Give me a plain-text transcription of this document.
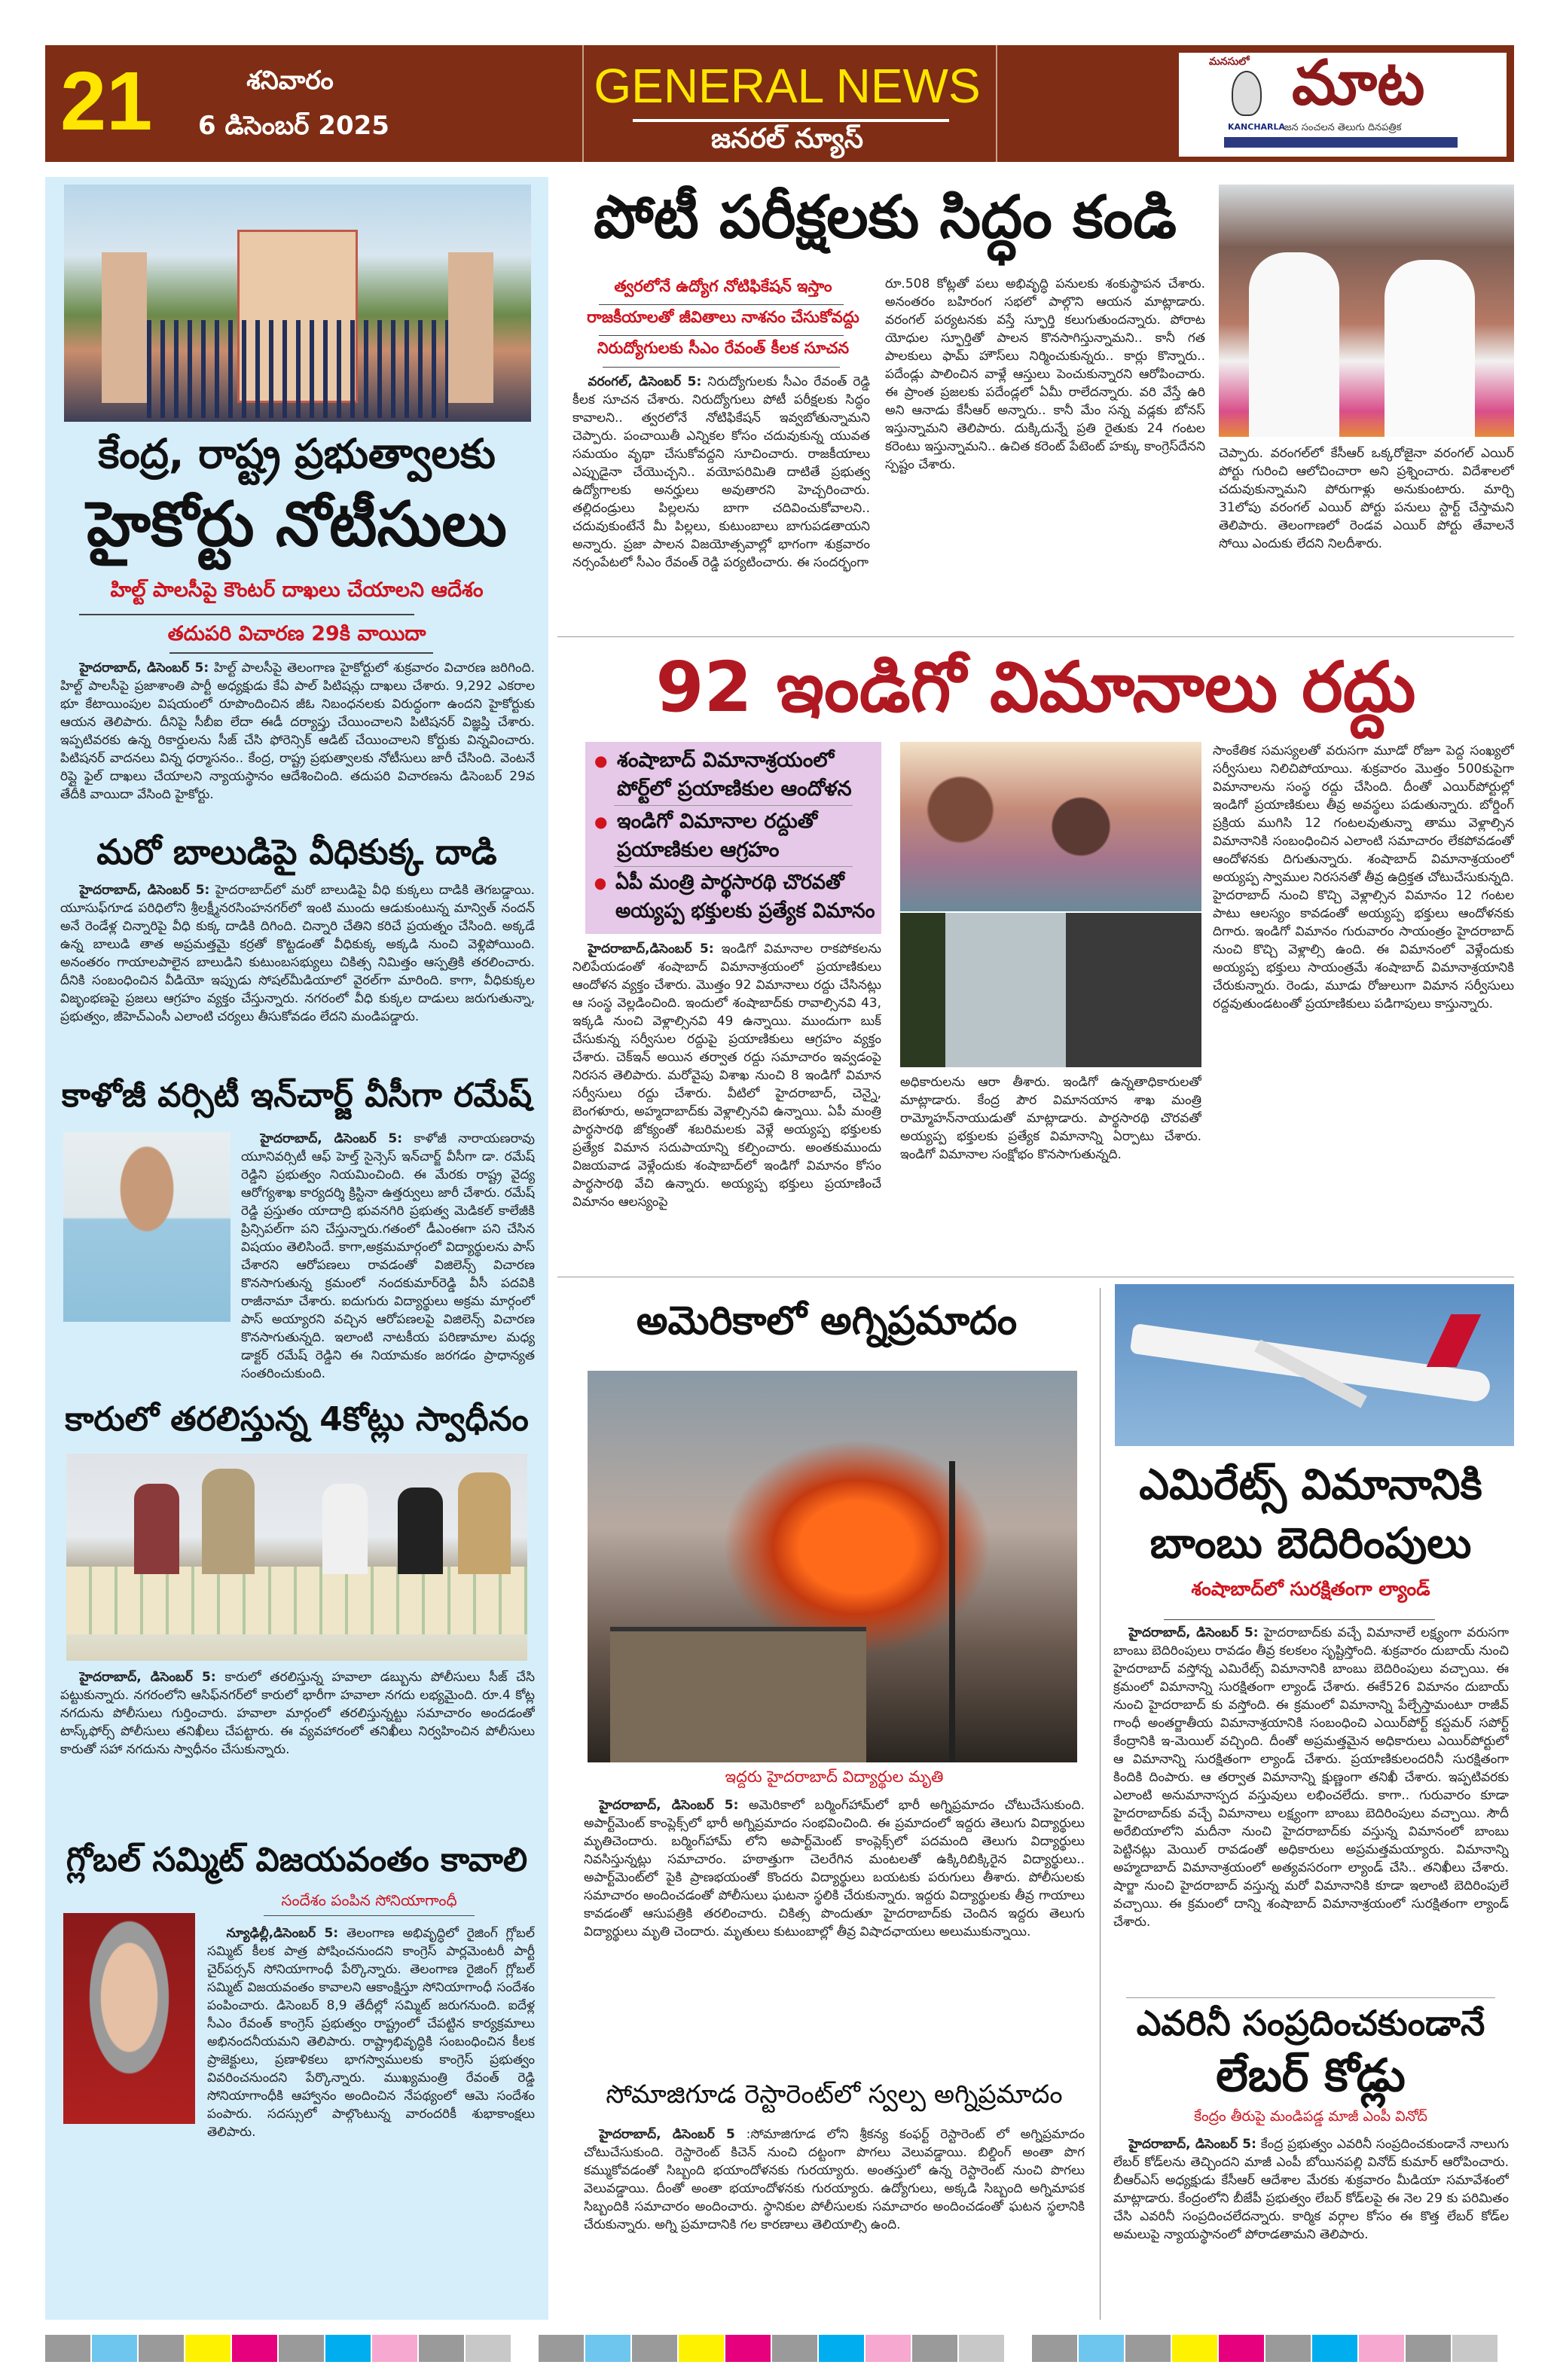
21	శనివారం
6 డిసెంబర్ 2025
GENERAL NEWS
జనరల్ న్యూస్
మనసులో మాట
KANCHARLA
జన సంచలన తెలుగు దినపత్రిక
కేంద్ర, రాష్ట్ర ప్రభుత్వాలకు
హైకోర్టు నోటీసులు
హిల్ట్ పాలసీపై కౌంటర్ దాఖలు చేయాలని ఆదేశం
తదుపరి విచారణ 29కి వాయిదా

హైదరాబాద్, డిసెంబర్ 5: హిల్ట్ పాలసీపై తెలంగాణ హైకోర్టులో శుక్రవారం విచారణ జరిగింది. హిల్ట్ పాలసీపై ప్రజాశాంతి పార్టీ అధ్యక్షుడు కేఏ పాల్ పిటిషన్లు దాఖలు చేశారు. 9,292 ఎకరాల భూ కేటాయింపుల విషయంలో రూపొందించిన జీఓ నిబంధనలకు విరుద్ధంగా ఉందని హైకోర్టుకు ఆయన తెలిపారు. దీనిపై సీబీఐ లేదా ఈడీ దర్యాప్తు చేయించాలని పిటిషనర్ విజ్ఞప్తి చేశారు. ఇప్పటివరకు ఉన్న రికార్డులను సీజ్ చేసి ఫోరెన్సిక్ ఆడిట్ చేయించాలని కోర్టుకు విన్నవించారు. పిటిషనర్ వాదనలు విన్న ధర్మాసనం.. కేంద్ర, రాష్ట్ర ప్రభుత్వాలకు నోటీసులు జారీ చేసింది. వెంటనే రిప్లై ఫైల్ దాఖలు చేయాలని న్యాయస్థానం ఆదేశించింది. తదుపరి విచారణను డిసెంబర్ 29వ తేదీకి వాయిదా వేసింది హైకోర్టు.

మరో బాలుడిపై వీధికుక్క దాడి

హైదరాబాద్, డిసెంబర్ 5: హైదరాబాద్‌లో మరో బాలుడిపై వీధి కుక్కలు దాడికి తెగబడ్డాయి. యూసుఫ్‌గూడ పరిధిలోని శ్రీలక్ష్మీనరసింహనగర్‌లో ఇంటి ముందు ఆడుకుంటున్న మాన్విత్ నందన్ అనే రెండేళ్ల చిన్నారిపై వీధి కుక్క దాడికి దిగింది. చిన్నారి చేతిని కరిచే ప్రయత్నం చేసింది. అక్కడే ఉన్న బాలుడి తాత అప్రమత్తమై కర్రతో కొట్టడంతో వీధికుక్క అక్కడి నుంచి వెళ్లిపోయింది. అనంతరం గాయాలపాలైన బాలుడిని కుటుంబసభ్యులు చికిత్స నిమిత్తం ఆస్పత్రికి తరలించారు. దీనికి సంబంధించిన వీడియో ఇప్పుడు సోషల్‌మీడియాలో వైరల్‌గా మారింది. కాగా, వీధికుక్కల విజృంభణపై ప్రజలు ఆగ్రహం వ్యక్తం చేస్తున్నారు. నగరంలో వీధి కుక్కల దాడులు జరుగుతున్నా, ప్రభుత్వం, జీహెచ్‌ఎంసీ ఎలాంటి చర్యలు తీసుకోవడం లేదని మండిపడ్డారు.

కాళోజీ వర్సిటీ ఇన్‌చార్జ్ వీసీగా రమేష్

హైదరాబాద్, డిసెంబర్ 5: కాళోజీ నారాయణరావు యూనివర్సిటీ ఆఫ్ హెల్త్ సైన్సెస్ ఇన్‌చార్జ్ వీసీగా డా. రమేష్ రెడ్డిని ప్రభుత్వం నియమించింది. ఈ మేరకు రాష్ట్ర వైద్య ఆరోగ్యశాఖ కార్యదర్శి క్రిస్టినా ఉత్తర్వులు జారీ చేశారు. రమేష్ రెడ్డి ప్రస్తుతం యాదాద్రి భువనగిరి ప్రభుత్వ మెడికల్ కాలేజీకి ప్రిన్సిపల్‌గా పని చేస్తున్నారు.గతంలో డీఎంఈగా పని చేసిన విషయం తెలిసిందే. కాగా,అక్రమమార్గంలో విద్యార్థులను పాస్ చేశారని ఆరోపణలు రావడంతో విజిలెన్స్ విచారణ కొనసాగుతున్న క్రమంలో నందకుమార్‌రెడ్డి వీసీ పదవికి రాజీనామా చేశారు. ఐదుగురు విద్యార్థులు అక్రమ మార్గంలో పాస్ అయ్యారని వచ్చిన ఆరోపణలపై విజిలెన్స్ విచారణ కొనసాగుతున్నది. ఇలాంటి నాటకీయ పరిణామాల మధ్య డాక్టర్ రమేష్ రెడ్డిని ఈ నియామకం జరగడం ప్రాధాన్యత సంతరించుకుంది.

కారులో తరలిస్తున్న 4కోట్లు స్వాధీనం

హైదరాబాద్, డిసెంబర్ 5: కారులో తరలిస్తున్న హవాలా డబ్బును పోలీసులు సీజ్ చేసి పట్టుకున్నారు. నగరంలోని ఆసిఫ్‌నగర్‌లో కారులో భారీగా హవాలా నగదు లభ్యమైంది. రూ.4 కోట్ల నగదును పోలీసులు గుర్తించారు. హవాలా మార్గంలో తరలిస్తున్నట్టు సమాచారం అందడంతో టాస్క్‌ఫోర్స్ పోలీసులు తనిఖీలు చేపట్టారు. ఈ వ్యవహారంలో తనిఖీలు నిర్వహించిన పోలీసులు కారుతో సహా నగదును స్వాధీనం చేసుకున్నారు.

గ్లోబల్ సమ్మిట్ విజయవంతం కావాలి
సందేశం పంపిన సోనియాగాంధీ

న్యూఢిల్లీ,డిసెంబర్ 5: తెలంగాణ అభివృద్ధిలో రైజింగ్ గ్లోబల్ సమ్మిట్ కీలక పాత్ర పోషించనుందని కాంగ్రెస్ పార్లమెంటరీ పార్టీ చైర్‌పర్సన్ సోనియాగాంధీ పేర్కొన్నారు. తెలంగాణ రైజింగ్ గ్లోబల్ సమ్మిట్ విజయవంతం కావాలని ఆకాంక్షిస్తూ సోనియాగాంధీ సందేశం పంపించారు. డిసెంబర్ 8,9 తేదీల్లో సమ్మిట్ జరుగనుంది. ఐదేళ్ల సీఎం రేవంత్ కాంగ్రెస్ ప్రభుత్వం రాష్ట్రంలో చేపట్టిన కార్యక్రమాలు అభినందనీయమని తెలిపారు. రాష్ట్రాభివృద్ధికి సంబంధించిన కీలక ప్రాజెక్టులు, ప్రణాళికలు భాగస్వాములకు కాంగ్రెస్ ప్రభుత్వం వివరించనుందని పేర్కొన్నారు. ముఖ్యమంత్రి రేవంత్ రెడ్డి సోనియాగాంధీకి ఆహ్వానం అందించిన నేపథ్యంలో ఆమె సందేశం పంపారు. సదస్సులో పాల్గొంటున్న వారందరికీ శుభాకాంక్షలు తెలిపారు.

పోటీ పరీక్షలకు సిద్ధం కండి
త్వరలోనే ఉద్యోగ నోటిఫికేషన్ ఇస్తాం
రాజకీయాలతో జీవితాలు నాశనం చేసుకోవద్దు
నిరుద్యోగులకు సీఎం రేవంత్ కీలక సూచన

వరంగల్, డిసెంబర్ 5: నిరుద్యోగులకు సీఎం రేవంత్ రెడ్డి కీలక సూచన చేశారు. నిరుద్యోగులు పోటీ పరీక్షలకు సిద్ధం కావాలని.. త్వరలోనే నోటిఫికేషన్ ఇవ్వబోతున్నామని చెప్పారు. పంచాయితీ ఎన్నికల కోసం చదువుకున్న యువత సమయం వృథా చేసుకోవద్దని సూచించారు. రాజకీయాలు ఎప్పుడైనా చేయొచ్చని.. వయోపరిమితి దాటితే ప్రభుత్వ ఉద్యోగాలకు అనర్హులు అవుతారని హెచ్చరించారు. తల్లిదండ్రులు పిల్లలను బాగా చదివించుకోవాలని.. చదువుకుంటేనే మీ పిల్లలు, కుటుంబాలు బాగుపడతాయని అన్నారు. ప్రజా పాలన విజయోత్సవాల్లో భాగంగా శుక్రవారం నర్సంపేటలో సీఎం రేవంత్ రెడ్డి పర్యటించారు. ఈ సందర్భంగా

రూ.508 కోట్లతో పలు అభివృద్ధి పనులకు శంకుస్థాపన చేశారు. అనంతరం బహిరంగ సభలో పాల్గొని ఆయన మాట్లాడారు. వరంగల్ పర్యటనకు వస్తే స్ఫూర్తి కలుగుతుందన్నారు. పోరాట యోధుల స్ఫూర్తితో పాలన కొనసాగిస్తున్నామని.. కానీ గత పాలకులు ఫామ్ హౌస్‌లు నిర్మించుకున్నరు.. కార్లు కొన్నారు.. పదేండ్లు పాలించిన వాళ్లే ఆస్తులు పెంచుకున్నారని ఆరోపించారు. ఈ ప్రాంత ప్రజలకు పదేండ్లలో ఏమీ రాలేదన్నారు. వరి వేస్తే ఉరి అని ఆనాడు కేసీఆర్ అన్నారు.. కానీ మేం సన్న వడ్లకు బోనస్ ఇస్తున్నామని తెలిపారు. దుక్కిదున్నే ప్రతి రైతుకు 24 గంటల కరెంటు ఇస్తున్నామని.. ఉచిత కరెంట్ పేటెంట్ హక్కు కాంగ్రెస్‌దేనని స్పష్టం చేశారు.

చెప్పారు. వరంగల్‌లో కేసీఆర్ ఒక్కరోజైనా వరంగల్ ఎయిర్ పోర్టు గురించి ఆలోచించారా అని ప్రశ్నించారు. విదేశాలలో చదువుకున్నామని పోరుగాళ్లు అనుకుంటారు. మార్చి 31లోపు వరంగల్ ఎయిర్ పోర్టు పనులు స్టార్ట్ చేస్తామని తెలిపారు. తెలంగాణలో రెండవ ఎయిర్ పోర్టు తేవాలనే సోయి ఎందుకు లేదని నిలదీశారు.

92 ఇండిగో విమానాలు రద్దు
● శంషాబాద్ విమానాశ్రయంలో
పోర్ట్‌లో ప్రయాణికుల ఆందోళన
● ఇండిగో విమానాల రద్దుతో
ప్రయాణికుల ఆగ్రహం
● ఏపీ మంత్రి పార్థసారథి చొరవతో
అయ్యప్ప భక్తులకు ప్రత్యేక విమానం

హైదరాబాద్,డిసెంబర్ 5: ఇండిగో విమానాల రాకపోకలను నిలిపేయడంతో శంషాబాద్ విమానాశ్రయంలో ప్రయాణికులు ఆందోళన వ్యక్తం చేశారు. మొత్తం 92 విమానాలు రద్దు చేసినట్లు ఆ సంస్థ వెల్లడించింది. ఇందులో శంషాబాద్‌కు రావాల్సినవి 43, ఇక్కడి నుంచి వెళ్లాల్సినవి 49 ఉన్నాయి. ముందుగా బుక్ చేసుకున్న సర్వీసుల రద్దుపై ప్రయాణికులు ఆగ్రహం వ్యక్తం చేశారు. చెక్‌ఇన్ అయిన తర్వాత రద్దు సమాచారం ఇవ్వడంపై నిరసన తెలిపారు. మరోవైపు విశాఖ నుంచి 8 ఇండిగో విమాన సర్వీసులు రద్దు చేశారు. వీటిలో హైదరాబాద్, చెన్నై, బెంగళూరు, అహ్మదాబాద్‌కు వెళ్లాల్సినవి ఉన్నాయి. ఏపీ మంత్రి పార్థసారథి జోక్యంతో శబరిమలకు వెళ్లే అయ్యప్ప భక్తులకు ప్రత్యేక విమాన సదుపాయాన్ని కల్పించారు. అంతకుముందు విజయవాడ వెళ్లేందుకు శంషాబాద్‌లో ఇండిగో విమానం కోసం పార్థసారథి వేచి ఉన్నారు. అయ్యప్ప భక్తులు ప్రయాణించే విమానం ఆలస్యంపై

అధికారులను ఆరా తీశారు. ఇండిగో ఉన్నతాధికారులతో మాట్లాడారు. కేంద్ర పౌర విమానయాన శాఖ మంత్రి రామ్మోహన్‌నాయుడుతో మాట్లాడారు. పార్థసారథి చొరవతో అయ్యప్ప భక్తులకు ప్రత్యేక విమానాన్ని ఏర్పాటు చేశారు. ఇండిగో విమానాల సంక్షోభం కొనసాగుతున్నది.

సాంకేతిక సమస్యలతో వరుసగా మూడో రోజూ పెద్ద సంఖ్యలో సర్వీసులు నిలిచిపోయాయి. శుక్రవారం మొత్తం 500కుపైగా విమానాలను సంస్థ రద్దు చేసింది. దీంతో ఎయిర్‌పోర్టుల్లో ఇండిగో ప్రయాణికులు తీవ్ర అవస్థలు పడుతున్నారు. బోర్డింగ్ ప్రక్రియ ముగిసి 12 గంటలవుతున్నా తాము వెళ్లాల్సిన విమానానికి సంబంధించిన ఎలాంటి సమాచారం లేకపోవడంతో ఆందోళనకు దిగుతున్నారు. శంషాబాద్ విమానాశ్రయంలో అయ్యప్ప స్వాముల నిరసనతో తీవ్ర ఉద్రిక్తత చోటుచేసుకున్నది. హైదరాబాద్ నుంచి కొచ్చి వెళ్లాల్సిన విమానం 12 గంటల పాటు ఆలస్యం కావడంతో అయ్యప్ప భక్తులు ఆందోళనకు దిగారు. ఇండిగో విమానం గురువారం సాయంత్రం హైదరాబాద్ నుంచి కొచ్చి వెళ్లాల్సి ఉంది. ఈ విమానంలో వెళ్లేందుకు అయ్యప్ప భక్తులు సాయంత్రమే శంషాబాద్ విమానాశ్రయానికి చేరుకున్నారు. రెండు, మూడు రోజులుగా విమాన సర్వీసులు రద్దవుతుండటంతో ప్రయాణికులు పడిగాపులు కాస్తున్నారు.

అమెరికాలో అగ్నిప్రమాదం
ఇద్దరు హైదరాబాద్ విద్యార్థుల మృతి

హైదరాబాద్, డిసెంబర్ 5: అమెరికాలో బర్మింగ్‌హామ్‌లో భారీ అగ్నిప్రమాదం చోటుచేసుకుంది. అపార్ట్‌మెంట్ కాంప్లెక్స్‌లో భారీ అగ్నిప్రమాదం సంభవించింది. ఈ ప్రమాదంలో ఇద్దరు తెలుగు విద్యార్థులు మృతిచెందారు. బర్మింగ్‌హామ్ లోని అపార్ట్‌మెంట్ కాంప్లెక్స్‌లో పదమంది తెలుగు విద్యార్థులు నివసిస్తున్నట్లు సమాచారం. హఠాత్తుగా చెలరేగిన మంటలతో ఉక్కిరిబిక్కిరైన విద్యార్థులు.. అపార్ట్‌మెంట్‌లో పైకి ప్రాణభయంతో కొందరు విద్యార్థులు బయటకు పరుగులు తీశారు. పోలీసులకు సమాచారం అందించడంతో పోలీసులు ఘటనా స్థలికి చేరుకున్నారు. ఇద్దరు విద్యార్థులకు తీవ్ర గాయాలు కావడంతో ఆసుపత్రికి తరలించారు. చికిత్స పొందుతూ హైదరాబాద్‌కు చెందిన ఇద్దరు తెలుగు విద్యార్థులు మృతి చెందారు. మృతులు కుటుంబాల్లో తీవ్ర విషాదఛాయలు అలుముకున్నాయి.

సోమాజిగూడ రెస్టారెంట్‌లో స్వల్ప అగ్నిప్రమాదం

హైదరాబాద్, డిసెంబర్ 5 :సోమాజిగూడ లోని శ్రీకన్య కంఫర్ట్ రెస్టారెంట్ లో అగ్నిప్రమాదం చోటుచేసుకుంది. రెస్టారెంట్ కిచెన్ నుంచి దట్టంగా పొగలు వెలువడ్డాయి. బిల్డింగ్ అంతా పొగ కమ్ముకోవడంతో సిబ్బంది భయాందోళనకు గురయ్యారు. అంతస్తులో ఉన్న రెస్టారెంట్ నుంచి పొగలు వెలువడ్డాయి. దీంతో అంతా భయాందోళనకు గురయ్యారు. ఉద్యోగులు, అక్కడి సిబ్బంది అగ్నిమాపక సిబ్బందికి సమాచారం అందించారు. స్థానికుల పోలీసులకు సమాచారం అందించడంతో ఘటన స్థలానికి చేరుకున్నారు. అగ్ని ప్రమాదానికి గల కారణాలు తెలియాల్సి ఉంది.

ఎమిరేట్స్ విమానానికి
బాంబు బెదిరింపులు
శంషాబాద్‌లో సురక్షితంగా ల్యాండ్

హైదరాబాద్, డిసెంబర్ 5: హైదరాబాద్‌కు వచ్చే విమానాలే లక్ష్యంగా వరుసగా బాంబు బెదిరింపులు రావడం తీవ్ర కలకలం సృష్టిస్తోంది. శుక్రవారం దుబాయ్ నుంచి హైదరాబాద్ వస్తోన్న ఎమిరేట్స్ విమానానికి బాంబు బెదిరింపులు వచ్చాయి. ఈ క్రమంలో విమానాన్ని సురక్షితంగా ల్యాండ్ చేశారు. ఈకే526 విమానం దుబాయ్ నుంచి హైదరాబాద్ కు వస్తోంది. ఈ క్రమంలో విమానాన్ని పేల్చేస్తామంటూ రాజీవ్ గాంధీ అంతర్జాతీయ విమానాశ్రయానికి సంబంధించి ఎయిర్‌పోర్ట్ కస్టమర్ సపోర్ట్ కేంద్రానికి ఇ-మెయిల్ వచ్చింది. దీంతో అప్రమత్తమైన అధికారులు ఎయిర్‌పోర్టులో ఆ విమానాన్ని సురక్షితంగా ల్యాండ్ చేశారు. ప్రయాణికులందరినీ సురక్షితంగా కిందికి దింపారు. ఆ తర్వాత విమానాన్ని క్షుణ్ణంగా తనిఖీ చేశారు. ఇప్పటివరకు ఎలాంటి అనుమానాస్పద వస్తువులు లభించలేదు. కాగా.. గురువారం కూడా హైదరాబాద్‌కు వచ్చే విమానాలు లక్ష్యంగా బాంబు బెదిరింపులు వచ్చాయి. సౌదీ అరేబియాలోని మదీనా నుంచి హైదరాబాద్‌కు వస్తున్న విమానంలో బాంబు పెట్టినట్లు మెయిల్ రావడంతో అధికారులు అప్రమత్తమయ్యారు. విమానాన్ని అహ్మదాబాద్ విమానాశ్రయంలో అత్యవసరంగా ల్యాండ్ చేసి.. తనిఖీలు చేశారు. షార్జా నుంచి హైదరాబాద్ వస్తున్న మరో విమానానికి కూడా ఇలాంటి బెదిరింపులే వచ్చాయి. ఈ క్రమంలో దాన్ని శంషాబాద్ విమానాశ్రయంలో సురక్షితంగా ల్యాండ్ చేశారు.

ఎవరినీ సంప్రదించకుండానే
లేబర్ కోడ్లు
కేంద్రం తీరుపై మండిపడ్డ మాజీ ఎంపీ వినోద్

హైదరాబాద్, డిసెంబర్ 5: కేంద్ర ప్రభుత్వం ఎవరినీ సంప్రదించకుండానే నాలుగు లేబర్ కోడ్‌లను తెచ్చిందని మాజీ ఎంపీ బోయినపల్లి వినోద్ కుమార్ ఆరోపించారు. బీఆర్ఎస్ అధ్యక్షుడు కేసీఆర్ ఆదేశాల మేరకు శుక్రవారం మీడియా సమావేశంలో మాట్లాడారు. కేంద్రంలోని బీజేపీ ప్రభుత్వం లేబర్ కోడ్‌లపై ఈ నెల 29 కు పరిమితం చేసి ఎవరినీ సంప్రదించలేదన్నారు. కార్మిక వర్గాల కోసం ఈ కొత్త లేబర్ కోడ్‌ల అమలుపై న్యాయస్థానంలో పోరాడతామని తెలిపారు.
